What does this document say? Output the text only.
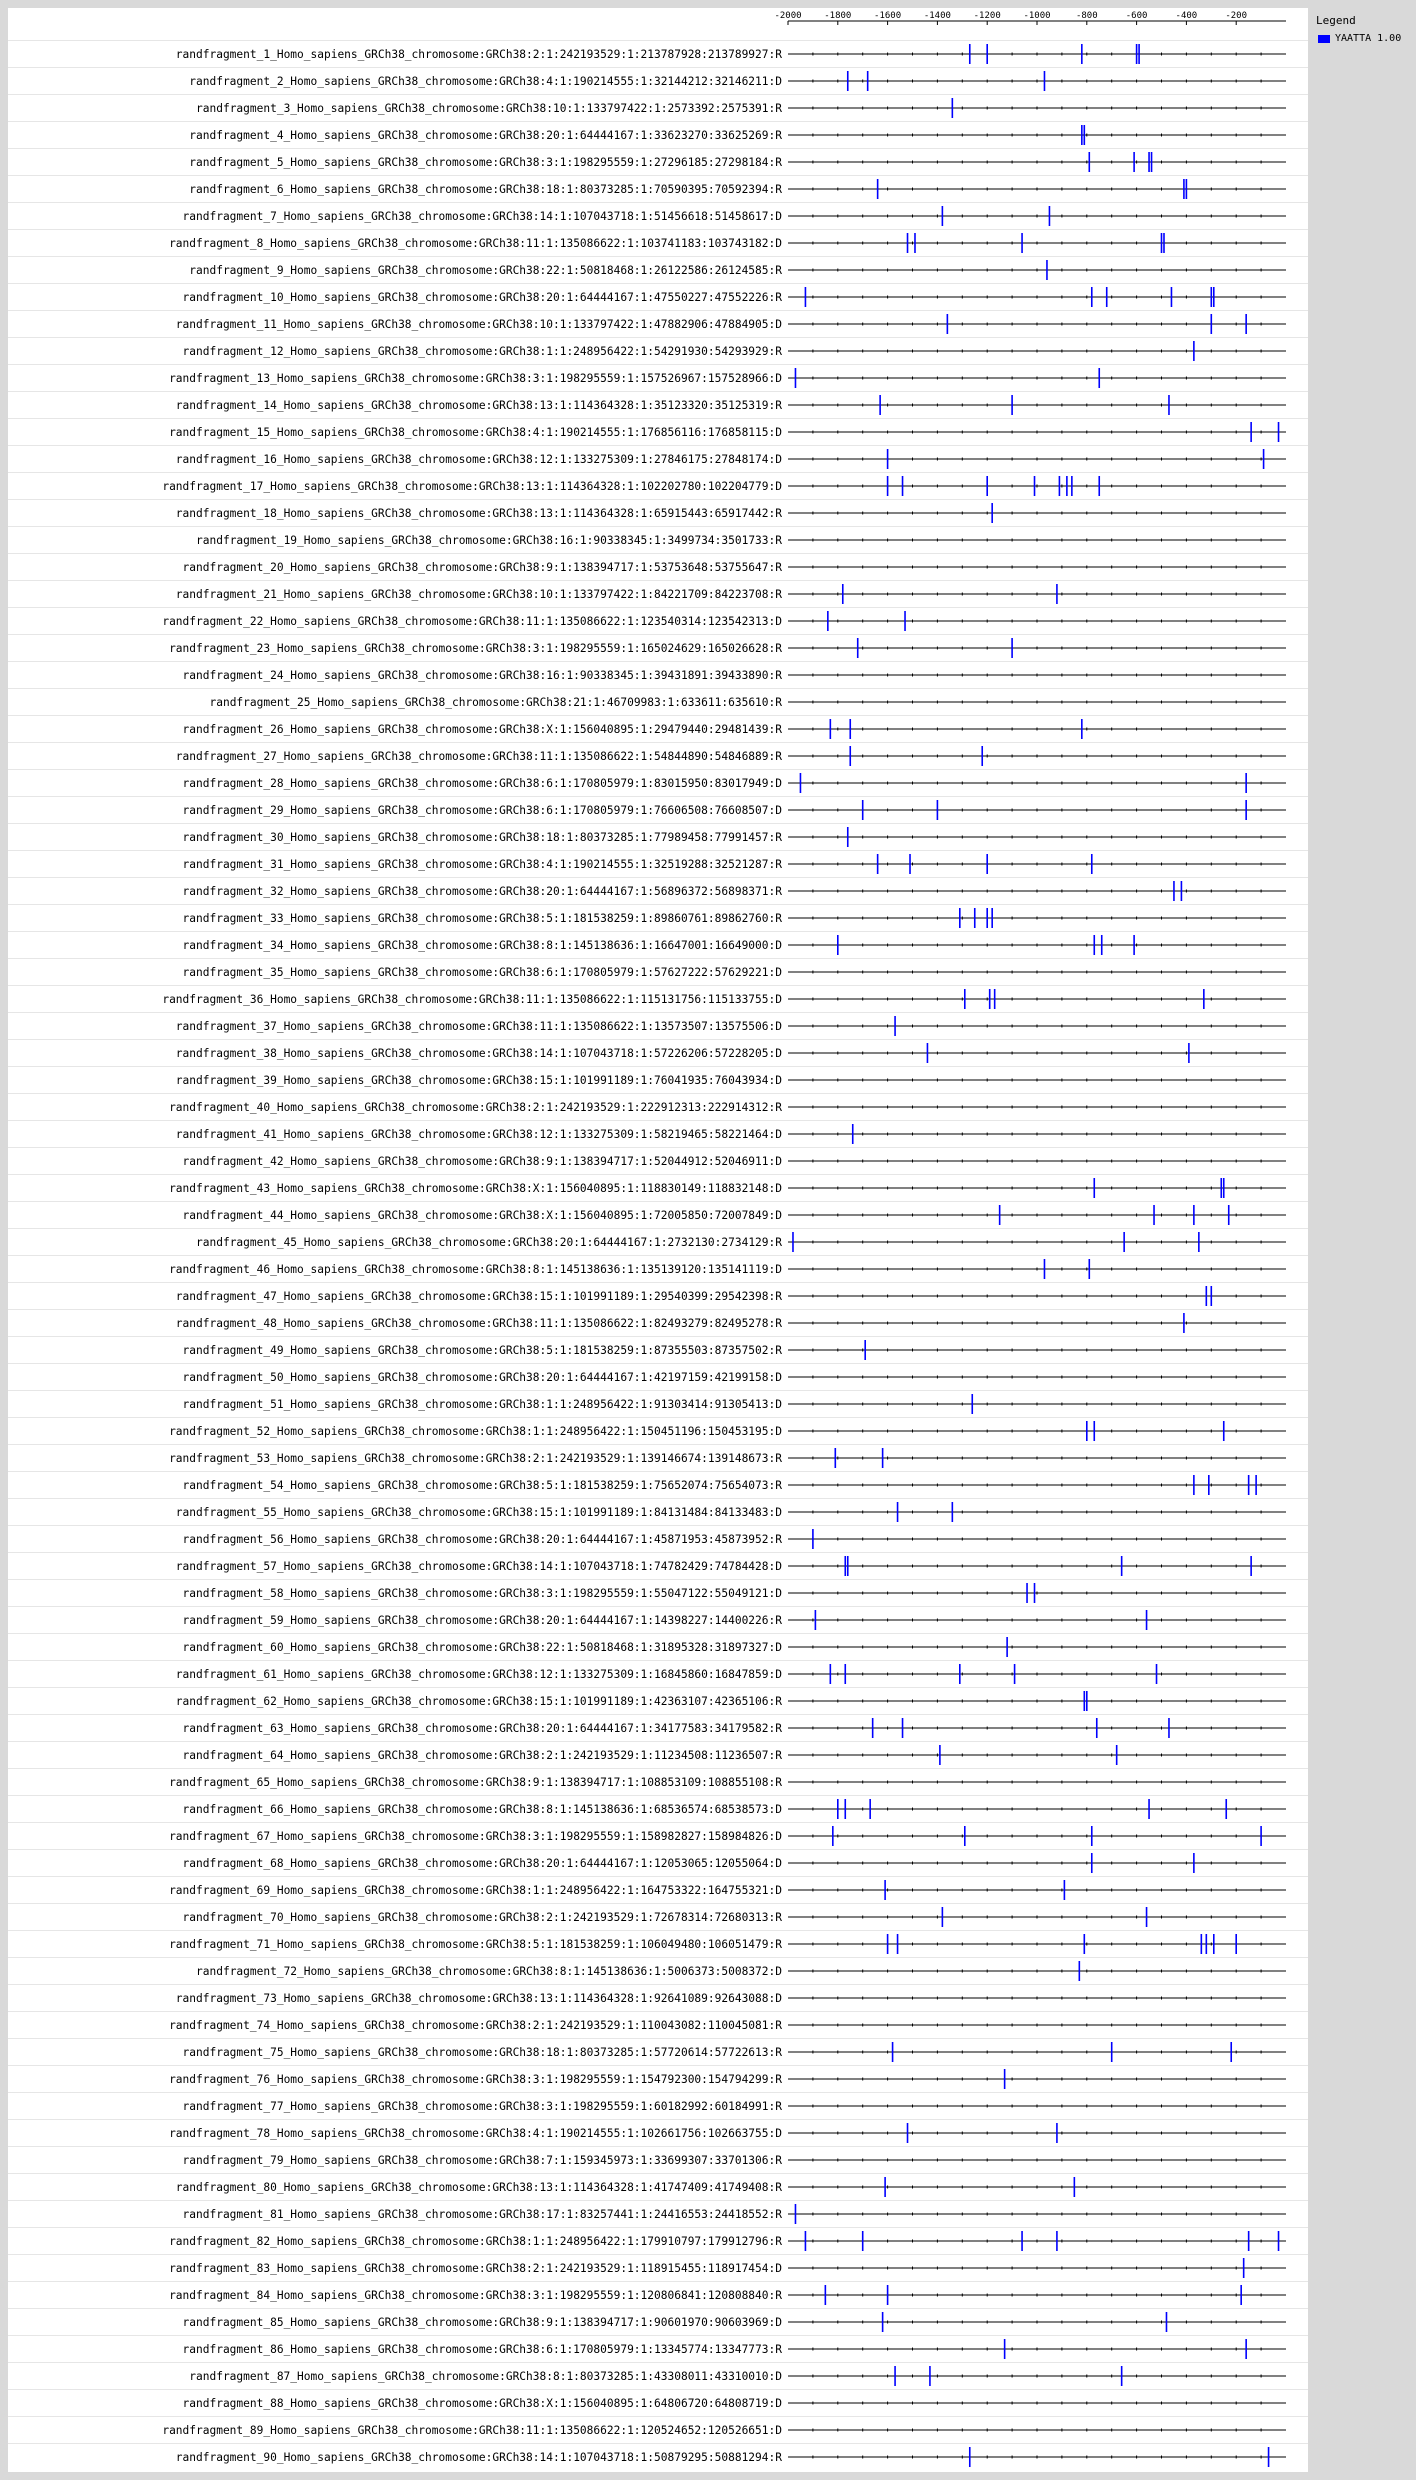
-2000	-1800	-1600	-1400	-1200	-1000	-800	-600	-400	-200
randfragment_1_Homo_sapiens_GRCh38_chromosome:GRCh38:2:1:242193529:1:213787928:213789927:R
randfragment_2_Homo_sapiens_GRCh38_chromosome:GRCh38:4:1:190214555:1:32144212:32146211:D
randfragment_3_Homo_sapiens_GRCh38_chromosome:GRCh38:10:1:133797422:1:2573392:2575391:R
randfragment_4_Homo_sapiens_GRCh38_chromosome:GRCh38:20:1:64444167:1:33623270:33625269:R
randfragment_5_Homo_sapiens_GRCh38_chromosome:GRCh38:3:1:198295559:1:27296185:27298184:R
randfragment_6_Homo_sapiens_GRCh38_chromosome:GRCh38:18:1:80373285:1:70590395:70592394:R
randfragment_7_Homo_sapiens_GRCh38_chromosome:GRCh38:14:1:107043718:1:51456618:51458617:D
randfragment_8_Homo_sapiens_GRCh38_chromosome:GRCh38:11:1:135086622:1:103741183:103743182:D
randfragment_9_Homo_sapiens_GRCh38_chromosome:GRCh38:22:1:50818468:1:26122586:26124585:R
randfragment_10_Homo_sapiens_GRCh38_chromosome:GRCh38:20:1:64444167:1:47550227:47552226:R
randfragment_11_Homo_sapiens_GRCh38_chromosome:GRCh38:10:1:133797422:1:47882906:47884905:D
randfragment_12_Homo_sapiens_GRCh38_chromosome:GRCh38:1:1:248956422:1:54291930:54293929:R
randfragment_13_Homo_sapiens_GRCh38_chromosome:GRCh38:3:1:198295559:1:157526967:157528966:D
randfragment_14_Homo_sapiens_GRCh38_chromosome:GRCh38:13:1:114364328:1:35123320:35125319:R
randfragment_15_Homo_sapiens_GRCh38_chromosome:GRCh38:4:1:190214555:1:176856116:176858115:D
randfragment_16_Homo_sapiens_GRCh38_chromosome:GRCh38:12:1:133275309:1:27846175:27848174:D
randfragment_17_Homo_sapiens_GRCh38_chromosome:GRCh38:13:1:114364328:1:102202780:102204779:D
randfragment_18_Homo_sapiens_GRCh38_chromosome:GRCh38:13:1:114364328:1:65915443:65917442:R
randfragment_19_Homo_sapiens_GRCh38_chromosome:GRCh38:16:1:90338345:1:3499734:3501733:R
randfragment_20_Homo_sapiens_GRCh38_chromosome:GRCh38:9:1:138394717:1:53753648:53755647:R
randfragment_21_Homo_sapiens_GRCh38_chromosome:GRCh38:10:1:133797422:1:84221709:84223708:R
randfragment_22_Homo_sapiens_GRCh38_chromosome:GRCh38:11:1:135086622:1:123540314:123542313:D
randfragment_23_Homo_sapiens_GRCh38_chromosome:GRCh38:3:1:198295559:1:165024629:165026628:R
randfragment_24_Homo_sapiens_GRCh38_chromosome:GRCh38:16:1:90338345:1:39431891:39433890:R
randfragment_25_Homo_sapiens_GRCh38_chromosome:GRCh38:21:1:46709983:1:633611:635610:R
randfragment_26_Homo_sapiens_GRCh38_chromosome:GRCh38:X:1:156040895:1:29479440:29481439:R
randfragment_27_Homo_sapiens_GRCh38_chromosome:GRCh38:11:1:135086622:1:54844890:54846889:R
randfragment_28_Homo_sapiens_GRCh38_chromosome:GRCh38:6:1:170805979:1:83015950:83017949:D
randfragment_29_Homo_sapiens_GRCh38_chromosome:GRCh38:6:1:170805979:1:76606508:76608507:D
randfragment_30_Homo_sapiens_GRCh38_chromosome:GRCh38:18:1:80373285:1:77989458:77991457:R
randfragment_31_Homo_sapiens_GRCh38_chromosome:GRCh38:4:1:190214555:1:32519288:32521287:R
randfragment_32_Homo_sapiens_GRCh38_chromosome:GRCh38:20:1:64444167:1:56896372:56898371:R
randfragment_33_Homo_sapiens_GRCh38_chromosome:GRCh38:5:1:181538259:1:89860761:89862760:R
randfragment_34_Homo_sapiens_GRCh38_chromosome:GRCh38:8:1:145138636:1:16647001:16649000:D
randfragment_35_Homo_sapiens_GRCh38_chromosome:GRCh38:6:1:170805979:1:57627222:57629221:D
randfragment_36_Homo_sapiens_GRCh38_chromosome:GRCh38:11:1:135086622:1:115131756:115133755:D
randfragment_37_Homo_sapiens_GRCh38_chromosome:GRCh38:11:1:135086622:1:13573507:13575506:D
randfragment_38_Homo_sapiens_GRCh38_chromosome:GRCh38:14:1:107043718:1:57226206:57228205:D
randfragment_39_Homo_sapiens_GRCh38_chromosome:GRCh38:15:1:101991189:1:76041935:76043934:D
randfragment_40_Homo_sapiens_GRCh38_chromosome:GRCh38:2:1:242193529:1:222912313:222914312:R
randfragment_41_Homo_sapiens_GRCh38_chromosome:GRCh38:12:1:133275309:1:58219465:58221464:D
randfragment_42_Homo_sapiens_GRCh38_chromosome:GRCh38:9:1:138394717:1:52044912:52046911:D
randfragment_43_Homo_sapiens_GRCh38_chromosome:GRCh38:X:1:156040895:1:118830149:118832148:D
randfragment_44_Homo_sapiens_GRCh38_chromosome:GRCh38:X:1:156040895:1:72005850:72007849:D
randfragment_45_Homo_sapiens_GRCh38_chromosome:GRCh38:20:1:64444167:1:2732130:2734129:R
randfragment_46_Homo_sapiens_GRCh38_chromosome:GRCh38:8:1:145138636:1:135139120:135141119:D
randfragment_47_Homo_sapiens_GRCh38_chromosome:GRCh38:15:1:101991189:1:29540399:29542398:R
randfragment_48_Homo_sapiens_GRCh38_chromosome:GRCh38:11:1:135086622:1:82493279:82495278:R
randfragment_49_Homo_sapiens_GRCh38_chromosome:GRCh38:5:1:181538259:1:87355503:87357502:R
randfragment_50_Homo_sapiens_GRCh38_chromosome:GRCh38:20:1:64444167:1:42197159:42199158:D
randfragment_51_Homo_sapiens_GRCh38_chromosome:GRCh38:1:1:248956422:1:91303414:91305413:D
randfragment_52_Homo_sapiens_GRCh38_chromosome:GRCh38:1:1:248956422:1:150451196:150453195:D
randfragment_53_Homo_sapiens_GRCh38_chromosome:GRCh38:2:1:242193529:1:139146674:139148673:R
randfragment_54_Homo_sapiens_GRCh38_chromosome:GRCh38:5:1:181538259:1:75652074:75654073:R
randfragment_55_Homo_sapiens_GRCh38_chromosome:GRCh38:15:1:101991189:1:84131484:84133483:D
randfragment_56_Homo_sapiens_GRCh38_chromosome:GRCh38:20:1:64444167:1:45871953:45873952:R
randfragment_57_Homo_sapiens_GRCh38_chromosome:GRCh38:14:1:107043718:1:74782429:74784428:D
randfragment_58_Homo_sapiens_GRCh38_chromosome:GRCh38:3:1:198295559:1:55047122:55049121:D
randfragment_59_Homo_sapiens_GRCh38_chromosome:GRCh38:20:1:64444167:1:14398227:14400226:R
randfragment_60_Homo_sapiens_GRCh38_chromosome:GRCh38:22:1:50818468:1:31895328:31897327:D
randfragment_61_Homo_sapiens_GRCh38_chromosome:GRCh38:12:1:133275309:1:16845860:16847859:D
randfragment_62_Homo_sapiens_GRCh38_chromosome:GRCh38:15:1:101991189:1:42363107:42365106:R
randfragment_63_Homo_sapiens_GRCh38_chromosome:GRCh38:20:1:64444167:1:34177583:34179582:R
randfragment_64_Homo_sapiens_GRCh38_chromosome:GRCh38:2:1:242193529:1:11234508:11236507:R
randfragment_65_Homo_sapiens_GRCh38_chromosome:GRCh38:9:1:138394717:1:108853109:108855108:R
randfragment_66_Homo_sapiens_GRCh38_chromosome:GRCh38:8:1:145138636:1:68536574:68538573:D
randfragment_67_Homo_sapiens_GRCh38_chromosome:GRCh38:3:1:198295559:1:158982827:158984826:D
randfragment_68_Homo_sapiens_GRCh38_chromosome:GRCh38:20:1:64444167:1:12053065:12055064:D
randfragment_69_Homo_sapiens_GRCh38_chromosome:GRCh38:1:1:248956422:1:164753322:164755321:D
randfragment_70_Homo_sapiens_GRCh38_chromosome:GRCh38:2:1:242193529:1:72678314:72680313:R
randfragment_71_Homo_sapiens_GRCh38_chromosome:GRCh38:5:1:181538259:1:106049480:106051479:R
randfragment_72_Homo_sapiens_GRCh38_chromosome:GRCh38:8:1:145138636:1:5006373:5008372:D
randfragment_73_Homo_sapiens_GRCh38_chromosome:GRCh38:13:1:114364328:1:92641089:92643088:D
randfragment_74_Homo_sapiens_GRCh38_chromosome:GRCh38:2:1:242193529:1:110043082:110045081:R
randfragment_75_Homo_sapiens_GRCh38_chromosome:GRCh38:18:1:80373285:1:57720614:57722613:R
randfragment_76_Homo_sapiens_GRCh38_chromosome:GRCh38:3:1:198295559:1:154792300:154794299:R
randfragment_77_Homo_sapiens_GRCh38_chromosome:GRCh38:3:1:198295559:1:60182992:60184991:R
randfragment_78_Homo_sapiens_GRCh38_chromosome:GRCh38:4:1:190214555:1:102661756:102663755:D
randfragment_79_Homo_sapiens_GRCh38_chromosome:GRCh38:7:1:159345973:1:33699307:33701306:R
randfragment_80_Homo_sapiens_GRCh38_chromosome:GRCh38:13:1:114364328:1:41747409:41749408:R
randfragment_81_Homo_sapiens_GRCh38_chromosome:GRCh38:17:1:83257441:1:24416553:24418552:R
randfragment_82_Homo_sapiens_GRCh38_chromosome:GRCh38:1:1:248956422:1:179910797:179912796:R
randfragment_83_Homo_sapiens_GRCh38_chromosome:GRCh38:2:1:242193529:1:118915455:118917454:D
randfragment_84_Homo_sapiens_GRCh38_chromosome:GRCh38:3:1:198295559:1:120806841:120808840:R
randfragment_85_Homo_sapiens_GRCh38_chromosome:GRCh38:9:1:138394717:1:90601970:90603969:D
randfragment_86_Homo_sapiens_GRCh38_chromosome:GRCh38:6:1:170805979:1:13345774:13347773:R
randfragment_87_Homo_sapiens_GRCh38_chromosome:GRCh38:8:1:80373285:1:43308011:43310010:D
randfragment_88_Homo_sapiens_GRCh38_chromosome:GRCh38:X:1:156040895:1:64806720:64808719:D
randfragment_89_Homo_sapiens_GRCh38_chromosome:GRCh38:11:1:135086622:1:120524652:120526651:D
randfragment_90_Homo_sapiens_GRCh38_chromosome:GRCh38:14:1:107043718:1:50879295:50881294:R
Legend
YAATTA 1.00
